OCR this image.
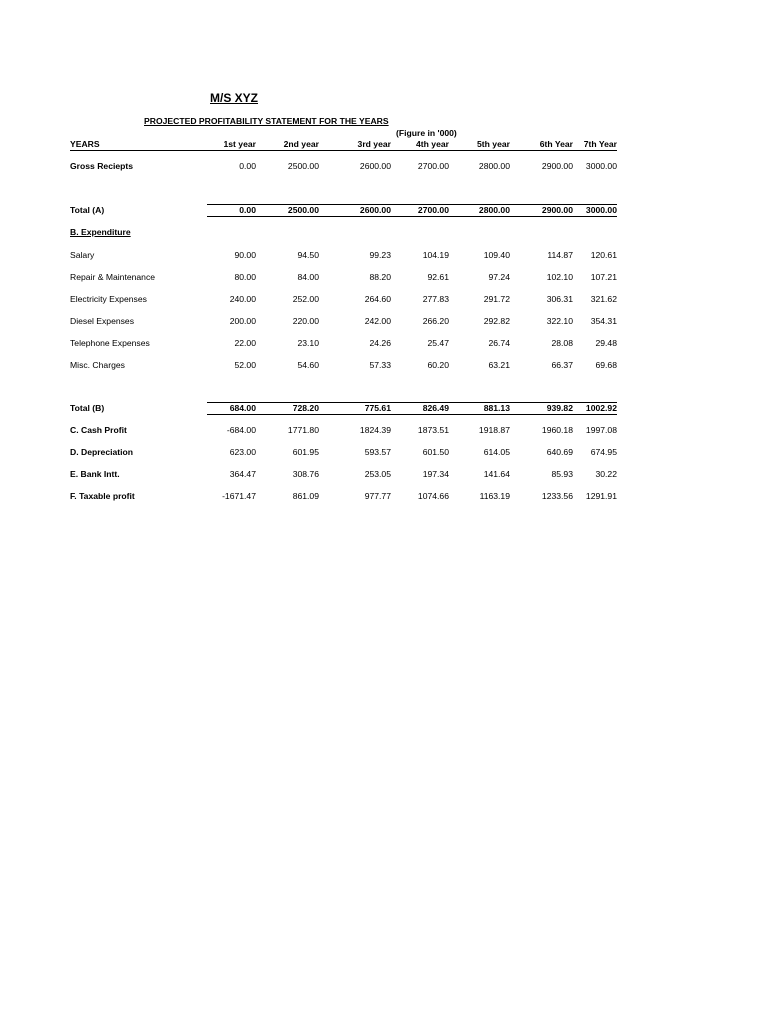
M/S XYZ
PROJECTED PROFITABILITY STATEMENT FOR THE YEARS
(Figure in '000)
YEARS	1st year	2nd year	3rd year	4th year	5th year	6th Year 7th Year
Gross Reciepts	0.00	2500.00	2600.00	2700.00	2800.00	2900.00 3000.00
Total (A)	0.00	2500.00	2600.00	2700.00	2800.00	2900.00 3000.00
B. Expenditure
Salary	90.00	94.50	99.23	104.19	109.40	114.87 120.61
Repair & Maintenance	80.00	84.00	88.20	92.61	97.24	102.10 107.21
Electricity Expenses	240.00	252.00	264.60	277.83	291.72	306.31 321.62
Diesel Expenses	200.00	220.00	242.00	266.20	292.82	322.10 354.31
Telephone Expenses	22.00	23.10	24.26	25.47	26.74	28.08	29.48
Misc. Charges	52.00	54.60	57.33	60.20	63.21	66.37	69.68
Total (B)	684.00	728.20	775.61	826.49	881.13	939.82 1002.92
C. Cash Profit	-684.00	1771.80	1824.39	1873.51	1918.87	1960.18 1997.08
D. Depreciation	623.00	601.95	593.57	601.50	614.05	640.69 674.95
E. Bank Intt.	364.47	308.76	253.05	197.34	141.64	85.93	30.22
F. Taxable profit	-1671.47	861.09	977.77	1074.66	1163.19	1233.56 1291.91
